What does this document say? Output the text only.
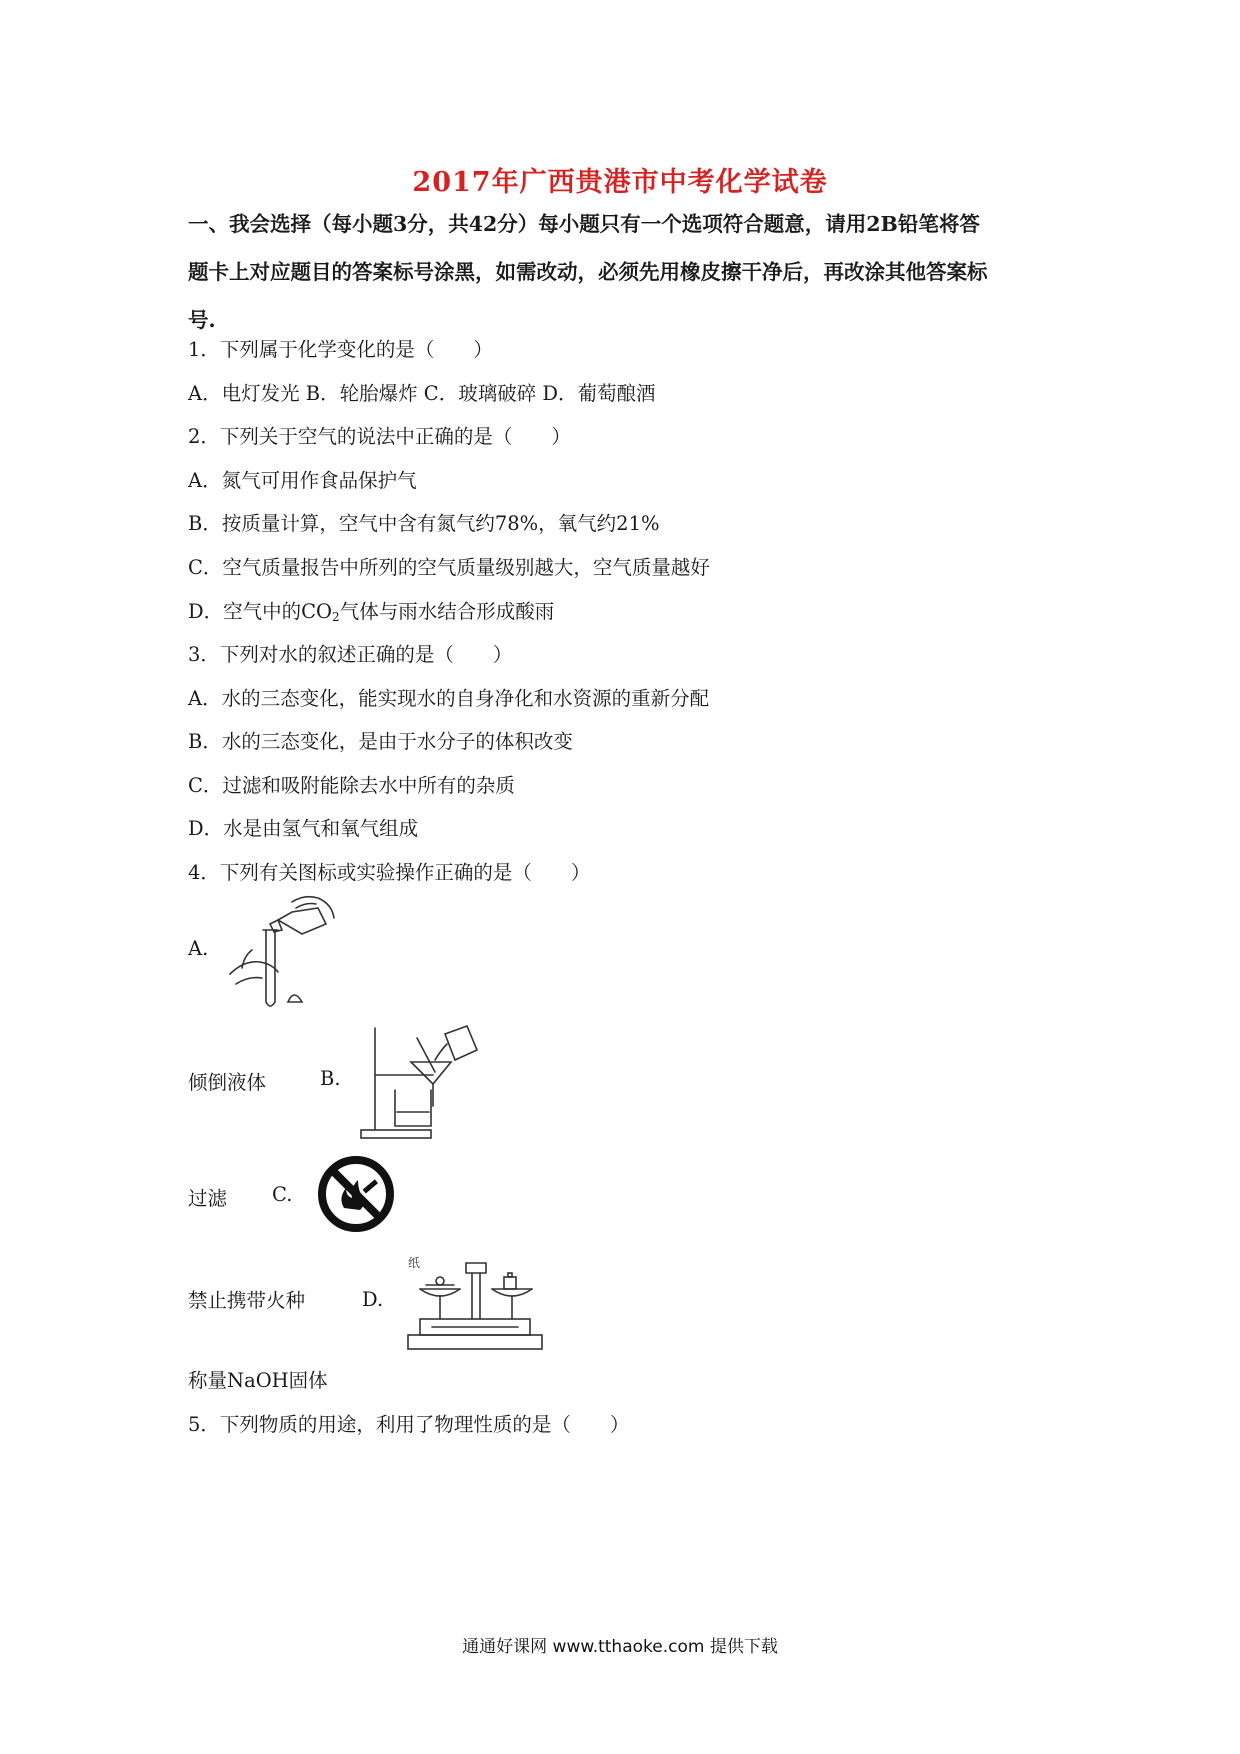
2017年广西贵港市中考化学试卷
一、我会选择（每小题3分，共42分）每小题只有一个选项符合题意，请用2B铅笔将答
题卡上对应题目的答案标号涂黑，如需改动，必须先用橡皮擦干净后，再改涂其他答案标
号.
1．下列属于化学变化的是（　　）
A．电灯发光 B．轮胎爆炸 C．玻璃破碎 D．葡萄酿酒
2．下列关于空气的说法中正确的是（　　）
A．氮气可用作食品保护气
B．按质量计算，空气中含有氮气约78%，氧气约21%
C．空气质量报告中所列的空气质量级别越大，空气质量越好
D．空气中的$CO_2$气体与雨水结合形成酸雨
3．下列对水的叙述正确的是（　　）
A．水的三态变化，能实现水的自身净化和水资源的重新分配
B．水的三态变化，是由于水分子的体积改变
C．过滤和吸附能除去水中所有的杂质
D．水是由氢气和氧气组成
4．下列有关图标或实验操作正确的是（　　）
A.
倾倒液体	B.
过滤 C.
禁止携带火种	D.
纸
称量NaOH固体
5．下列物质的用途，利用了物理性质的是（　　）
通通好课网 www.tthaoke.com 提供下载
